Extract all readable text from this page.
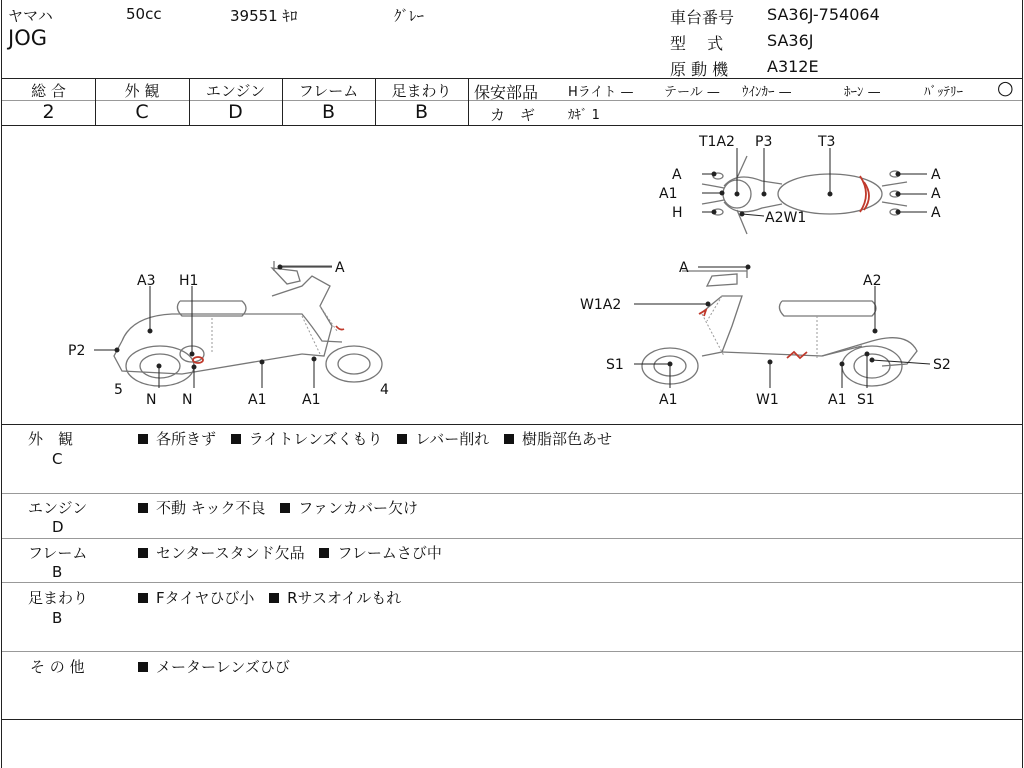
ヤマハ	50cc	39551 ｷﾛ	ｸﾞﾚｰ
JOG
車台番号 SA36J-754064
型　 式	SA36J
原 動 機 A312E
総 合	外 観	エンジン	フレーム	足まわり
2	C	D	B	B
保安部品 Hライト — テール — ｳｲﾝｶｰ —	ﾎｰﾝ —	ﾊﾞｯﾃﾘｰ ○
カ　ギ	ｶｷﾞ 1
T1A2 P3	T3
A
A1
H	A2W1
A
A
A
A
A3 H1
P2
5
N N	A1	A1
4
A
A2
W1A2
S1	S2
A1	W1	A1 S1
外　観
C
各所きず ライトレンズくもり レバー削れ 樹脂部色あせ
エンジン
D
不動 キック不良 ファンカバー欠け
フレーム
B
センタースタンド欠品 フレームさび中
足まわり
B
Fタイヤひび小 Rサスオイルもれ
そ の 他	メーターレンズひび
